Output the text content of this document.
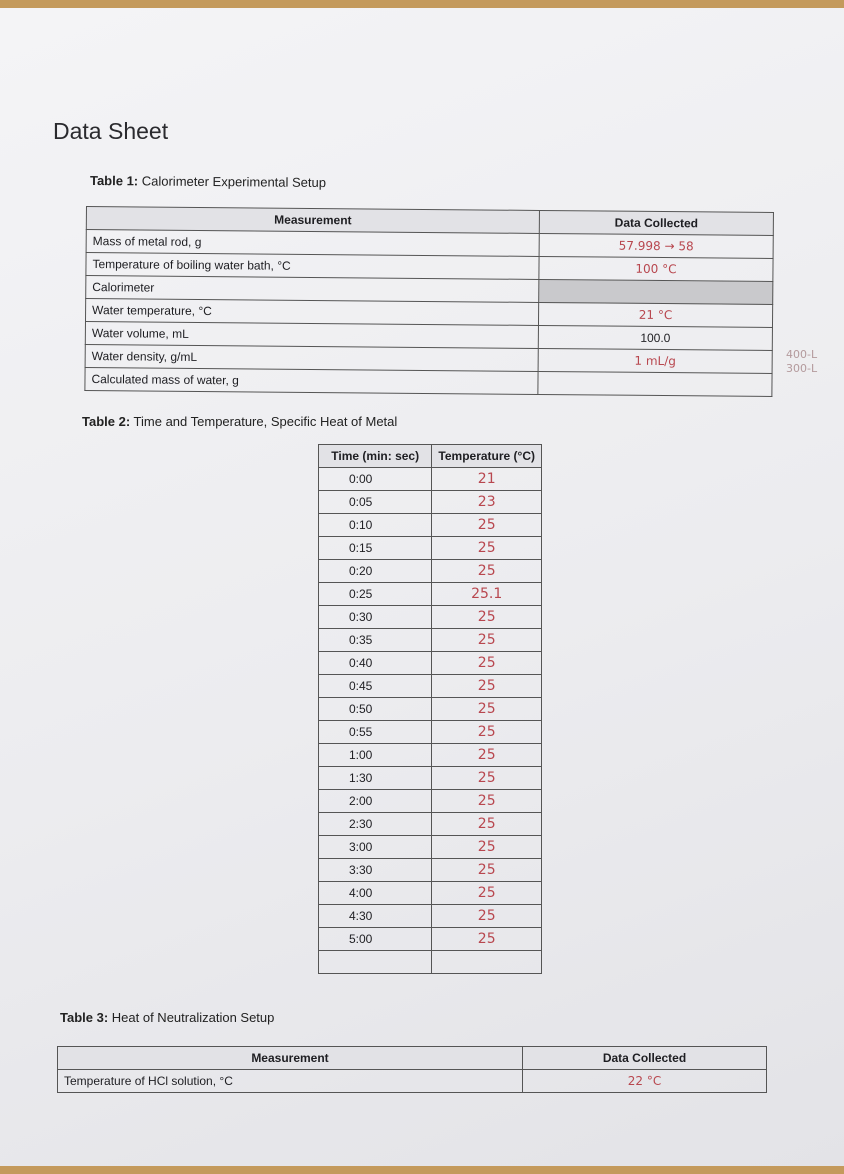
Data Sheet
Table 1: Calorimeter Experimental Setup
Measurement	Data Collected
Mass of metal rod, g	57.998 → 58
Temperature of boiling water bath, °C	100 °C
Calorimeter	
Water temperature, °C	21 °C
Water volume, mL	100.0
Water density, g/mL	1 mL/g
Calculated mass of water, g	
400-L
300-L
Table 2: Time and Temperature, Specific Heat of Metal
Time (min: sec)	Temperature (°C)
0:00	21
0:05	23
0:10	25
0:15	25
0:20	25
0:25	25.1
0:30	25
0:35	25
0:40	25
0:45	25
0:50	25
0:55	25
1:00	25
1:30	25
2:00	25
2:30	25
3:00	25
3:30	25
4:00	25
4:30	25
5:00	25

Table 3: Heat of Neutralization Setup
Measurement	Data Collected
Temperature of HCl solution, °C	22 °C
